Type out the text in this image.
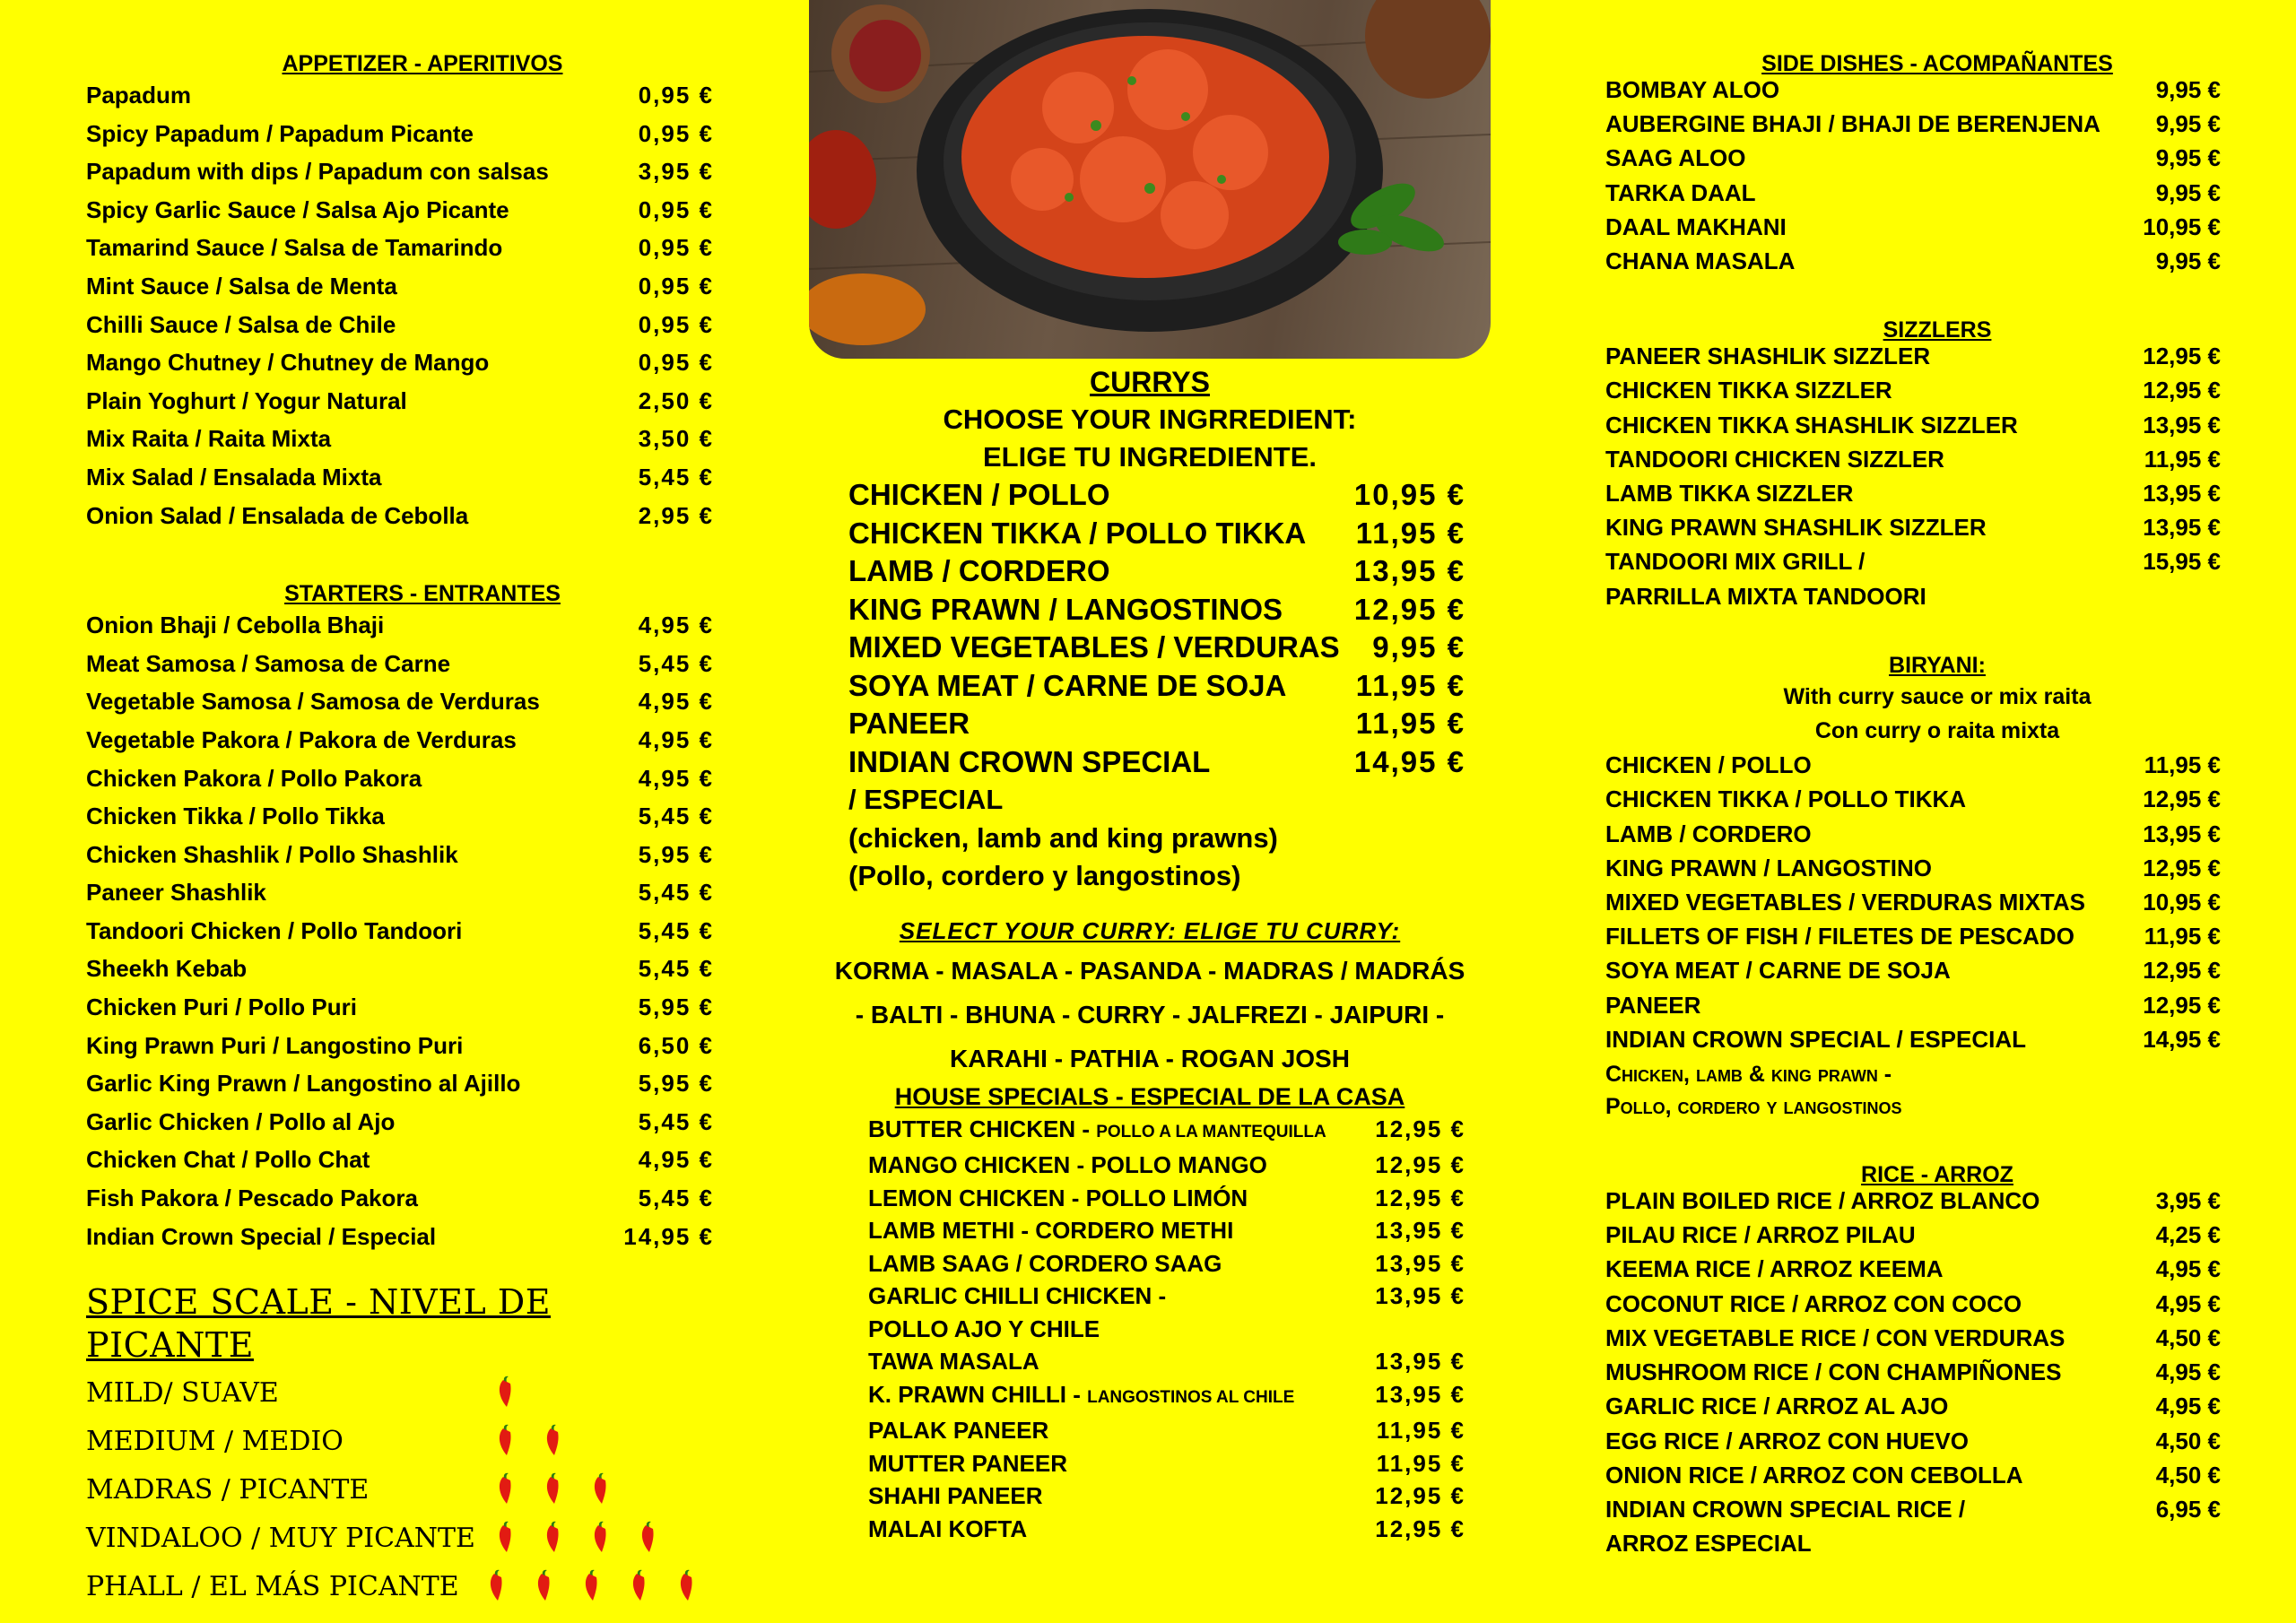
APPETIZER - APERITIVOS
Papadum	0,95 €
Spicy Papadum / Papadum Picante	0,95 €
Papadum with dips / Papadum con salsas	3,95 €
Spicy Garlic Sauce / Salsa Ajo Picante	0,95 €
Tamarind Sauce / Salsa de Tamarindo	0,95 €
Mint Sauce / Salsa de Menta	0,95 €
Chilli Sauce / Salsa de Chile	0,95 €
Mango Chutney / Chutney de Mango	0,95 €
Plain Yoghurt / Yogur Natural	2,50 €
Mix Raita / Raita Mixta	3,50 €
Mix Salad / Ensalada Mixta	5,45 €
Onion Salad / Ensalada de Cebolla	2,95 €
STARTERS - ENTRANTES
Onion Bhaji / Cebolla Bhaji	4,95 €
Meat Samosa / Samosa de Carne	5,45 €
Vegetable Samosa / Samosa de Verduras	4,95 €
Vegetable Pakora / Pakora de Verduras	4,95 €
Chicken Pakora / Pollo Pakora	4,95 €
Chicken Tikka / Pollo Tikka	5,45 €
Chicken Shashlik / Pollo Shashlik	5,95 €
Paneer Shashlik	5,45 €
Tandoori Chicken / Pollo Tandoori	5,45 €
Sheekh Kebab	5,45 €
Chicken Puri / Pollo Puri	5,95 €
King Prawn Puri / Langostino Puri	6,50 €
Garlic King Prawn / Langostino al Ajillo	5,95 €
Garlic Chicken / Pollo al Ajo	5,45 €
Chicken Chat / Pollo Chat	4,95 €
Fish Pakora / Pescado Pakora	5,45 €
Indian Crown Special / Especial	14,95 €
SPICE SCALE - NIVEL DE PICANTE
MILD/ SUAVE
MEDIUM / MEDIO
MADRAS / PICANTE
VINDALOO / MUY PICANTE
PHALL / EL MÁS PICANTE
CURRYS

CHOOSE YOUR INGRREDIENT:

ELIGE TU INGREDIENTE.

CHICKEN / POLLO	10,95 €
CHICKEN TIKKA / POLLO TIKKA 11,95 €
LAMB / CORDERO	13,95 €
KING PRAWN / LANGOSTINOS 12,95 €
MIXED VEGETABLES / VERDURAS 9,95 €
SOYA MEAT / CARNE DE SOJA 11,95 €
PANEER	11,95 €
INDIAN CROWN SPECIAL	14,95 €
/ ESPECIAL
(chicken, lamb and king prawns)
(Pollo, cordero y langostinos)
SELECT YOUR CURRY: ELIGE TU CURRY:
KORMA - MASALA - PASANDA - MADRAS / MADRÁS
- BALTI - BHUNA - CURRY - JALFREZI - JAIPURI -
KARAHI - PATHIA - ROGAN JOSH
HOUSE SPECIALS - ESPECIAL DE LA CASA
BUTTER CHICKEN - POLLO A LA MANTEQUILLA 12,95 €
MANGO CHICKEN - POLLO MANGO	12,95 €
LEMON CHICKEN - POLLO LIMÓN	12,95 €
LAMB METHI - CORDERO METHI	13,95 €
LAMB SAAG / CORDERO SAAG	13,95 €
GARLIC CHILLI CHICKEN -	13,95 €
POLLO AJO Y CHILE
TAWA MASALA	13,95 €
K. PRAWN CHILLI - LANGOSTINOS AL CHILE	13,95 €
PALAK PANEER	11,95 €
MUTTER PANEER	11,95 €
SHAHI PANEER	12,95 €
MALAI KOFTA	12,95 €
SIDE DISHES - ACOMPAÑANTES
BOMBAY ALOO	9,95 €
AUBERGINE BHAJI / BHAJI DE BERENJENA	9,95 €
SAAG ALOO	9,95 €
TARKA DAAL	9,95 €
DAAL MAKHANI	10,95 €
CHANA MASALA	9,95 €
SIZZLERS
PANEER SHASHLIK SIZZLER	12,95 €
CHICKEN TIKKA SIZZLER	12,95 €
CHICKEN TIKKA SHASHLIK SIZZLER	13,95 €
TANDOORI CHICKEN SIZZLER	11,95 €
LAMB TIKKA SIZZLER	13,95 €
KING PRAWN SHASHLIK SIZZLER	13,95 €
TANDOORI MIX GRILL /	15,95 €
PARRILLA MIXTA TANDOORI
BIRYANI:
With curry sauce or mix raita
Con curry o raita mixta
CHICKEN / POLLO	11,95 €
CHICKEN TIKKA / POLLO TIKKA	12,95 €
LAMB / CORDERO	13,95 €
KING PRAWN / LANGOSTINO	12,95 €
MIXED VEGETABLES / VERDURAS MIXTAS	10,95 €
FILLETS OF FISH / FILETES DE PESCADO	11,95 €
SOYA MEAT / CARNE DE SOJA	12,95 €
PANEER	12,95 €
INDIAN CROWN SPECIAL / ESPECIAL	14,95 €
Chicken, lamb & king prawn -
Pollo, cordero y langostinos
RICE - ARROZ
PLAIN BOILED RICE / ARROZ BLANCO	3,95 €
PILAU RICE / ARROZ PILAU	4,25 €
KEEMA RICE / ARROZ KEEMA	4,95 €
COCONUT RICE / ARROZ CON COCO	4,95 €
MIX VEGETABLE RICE / CON VERDURAS	4,50 €
MUSHROOM RICE / CON CHAMPIÑONES	4,95 €
GARLIC RICE / ARROZ AL AJO	4,95 €
EGG RICE / ARROZ CON HUEVO	4,50 €
ONION RICE / ARROZ CON CEBOLLA	4,50 €
INDIAN CROWN SPECIAL RICE /	6,95 €
ARROZ ESPECIAL
